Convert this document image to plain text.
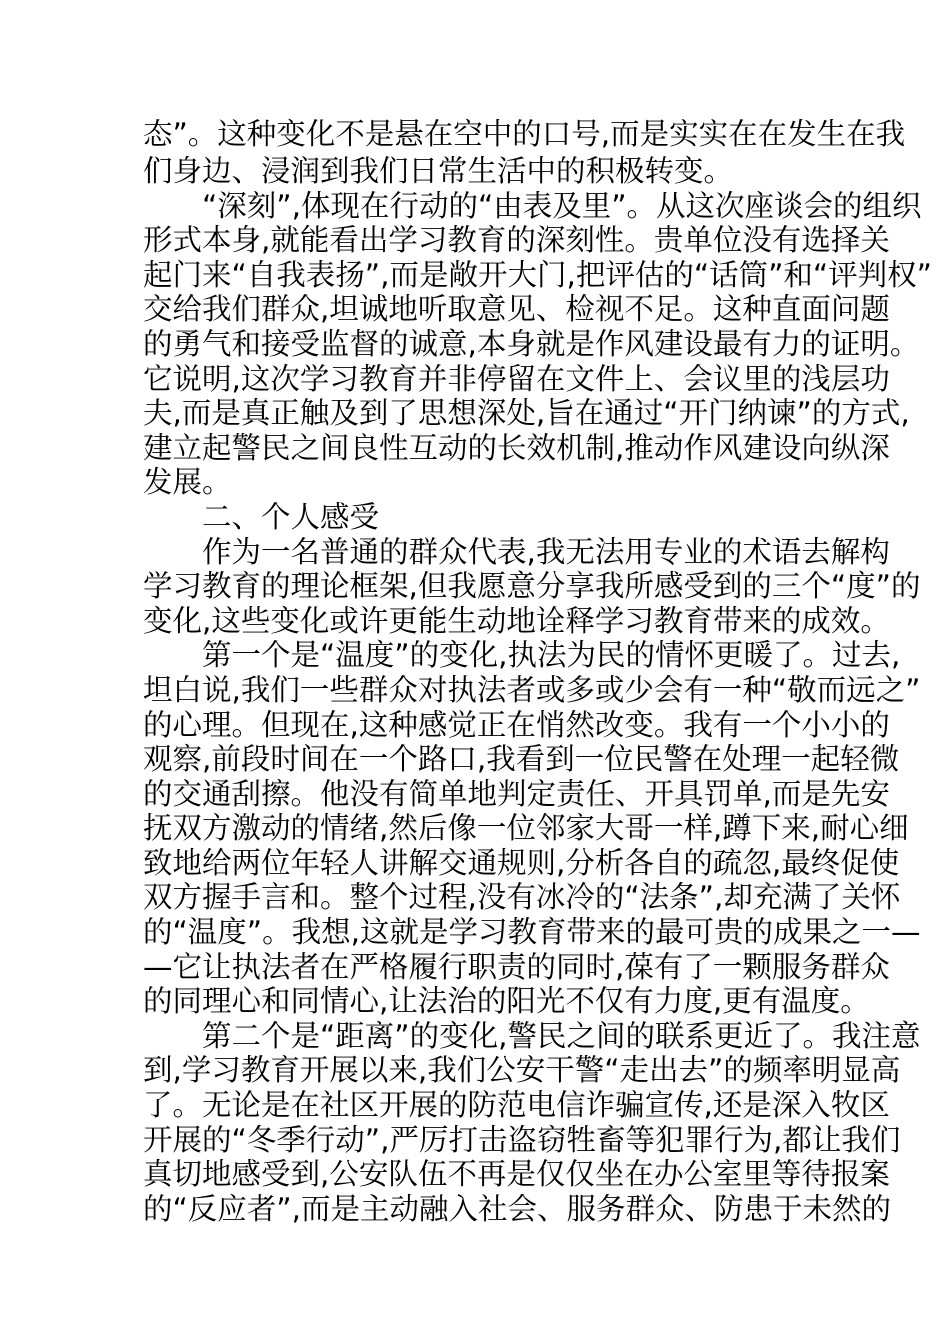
态”。这种变化不是悬在空中的口号,而是实实在在发生在我
们身边、浸润到我们日常生活中的积极转变。
　　“深刻”,体现在行动的“由表及里”。从这次座谈会的组织
形式本身,就能看出学习教育的深刻性。贵单位没有选择关
起门来“自我表扬”,而是敞开大门,把评估的“话筒”和“评判权”
交给我们群众,坦诚地听取意见、检视不足。这种直面问题
的勇气和接受监督的诚意,本身就是作风建设最有力的证明。
它说明,这次学习教育并非停留在文件上、会议里的浅层功
夫,而是真正触及到了思想深处,旨在通过“开门纳谏”的方式,
建立起警民之间良性互动的长效机制,推动作风建设向纵深
发展。
　　二、个人感受
　　作为一名普通的群众代表,我无法用专业的术语去解构
学习教育的理论框架,但我愿意分享我所感受到的三个“度”的
变化,这些变化或许更能生动地诠释学习教育带来的成效。
　　第一个是“温度”的变化,执法为民的情怀更暖了。过去,
坦白说,我们一些群众对执法者或多或少会有一种“敬而远之”
的心理。但现在,这种感觉正在悄然改变。我有一个小小的
观察,前段时间在一个路口,我看到一位民警在处理一起轻微
的交通刮擦。他没有简单地判定责任、开具罚单,而是先安
抚双方激动的情绪,然后像一位邻家大哥一样,蹲下来,耐心细
致地给两位年轻人讲解交通规则,分析各自的疏忽,最终促使
双方握手言和。整个过程,没有冰冷的“法条”,却充满了关怀
的“温度”。我想,这就是学习教育带来的最可贵的成果之一—
—它让执法者在严格履行职责的同时,葆有了一颗服务群众
的同理心和同情心,让法治的阳光不仅有力度,更有温度。
　　第二个是“距离”的变化,警民之间的联系更近了。我注意
到,学习教育开展以来,我们公安干警“走出去”的频率明显高
了。无论是在社区开展的防范电信诈骗宣传,还是深入牧区
开展的“冬季行动”,严厉打击盗窃牲畜等犯罪行为,都让我们
真切地感受到,公安队伍不再是仅仅坐在办公室里等待报案
的“反应者”,而是主动融入社会、服务群众、防患于未然的
